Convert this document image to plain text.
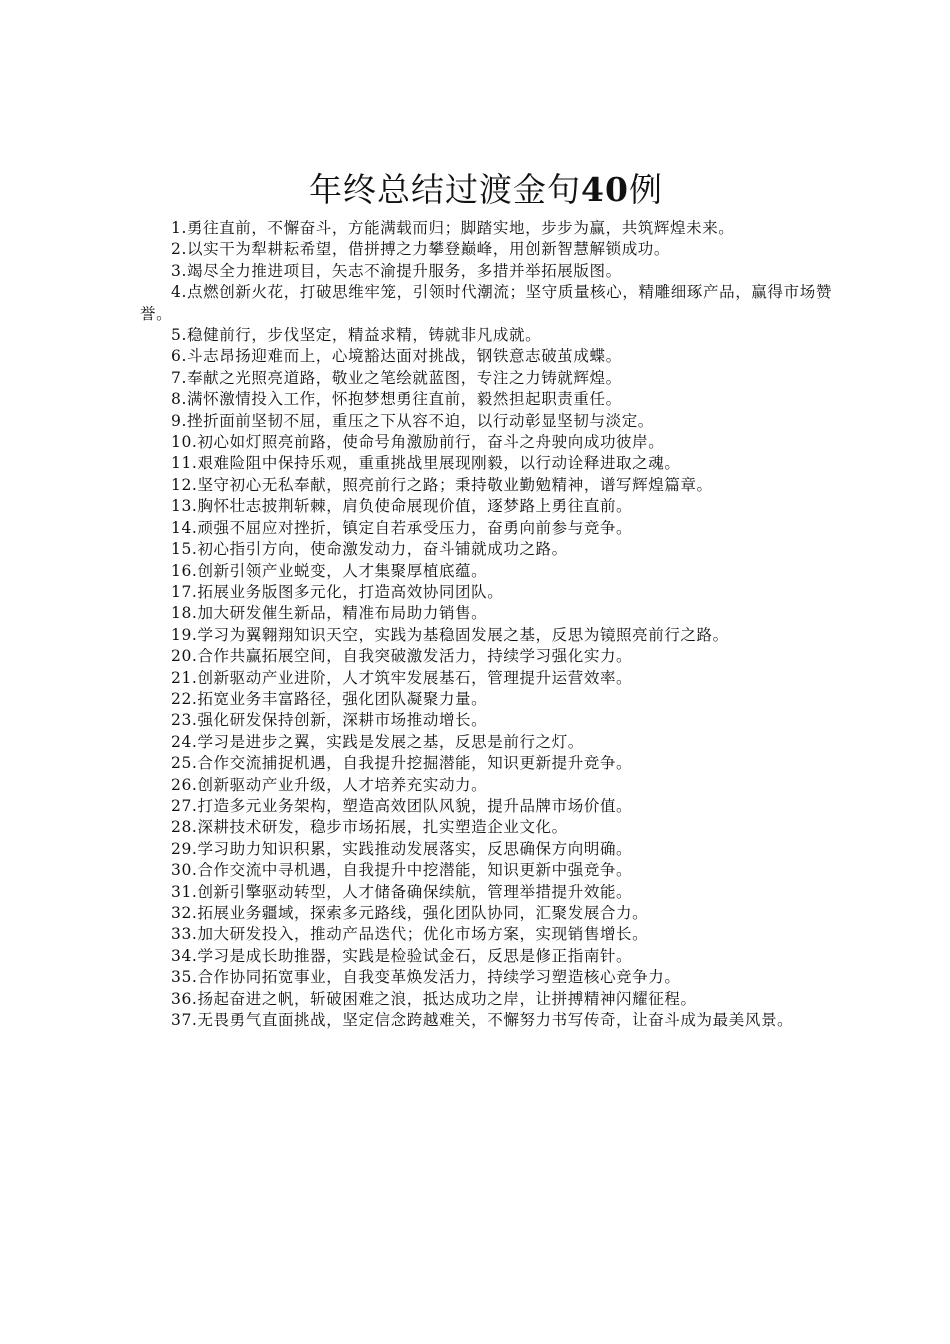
年终总结过渡金句40例

1.勇往直前，不懈奋斗，方能满载而归；脚踏实地，步步为赢，共筑辉煌未来。

2.以实干为犁耕耘希望，借拼搏之力攀登巅峰，用创新智慧解锁成功。

3.竭尽全力推进项目，矢志不渝提升服务，多措并举拓展版图。

4.点燃创新火花，打破思维牢笼，引领时代潮流；坚守质量核心，精雕细琢产品，赢得市场赞誉。

5.稳健前行，步伐坚定，精益求精，铸就非凡成就。

6.斗志昂扬迎难而上，心境豁达面对挑战，钢铁意志破茧成蝶。

7.奉献之光照亮道路，敬业之笔绘就蓝图，专注之力铸就辉煌。

8.满怀激情投入工作，怀抱梦想勇往直前，毅然担起职责重任。

9.挫折面前坚韧不屈，重压之下从容不迫，以行动彰显坚韧与淡定。

10.初心如灯照亮前路，使命号角激励前行，奋斗之舟驶向成功彼岸。

11.艰难险阻中保持乐观，重重挑战里展现刚毅，以行动诠释进取之魂。

12.坚守初心无私奉献，照亮前行之路；秉持敬业勤勉精神，谱写辉煌篇章。

13.胸怀壮志披荆斩棘，肩负使命展现价值，逐梦路上勇往直前。

14.顽强不屈应对挫折，镇定自若承受压力，奋勇向前参与竞争。

15.初心指引方向，使命激发动力，奋斗铺就成功之路。

16.创新引领产业蜕变，人才集聚厚植底蕴。

17.拓展业务版图多元化，打造高效协同团队。

18.加大研发催生新品，精准布局助力销售。

19.学习为翼翱翔知识天空，实践为基稳固发展之基，反思为镜照亮前行之路。

20.合作共赢拓展空间，自我突破激发活力，持续学习强化实力。

21.创新驱动产业进阶，人才筑牢发展基石，管理提升运营效率。

22.拓宽业务丰富路径，强化团队凝聚力量。

23.强化研发保持创新，深耕市场推动增长。

24.学习是进步之翼，实践是发展之基，反思是前行之灯。

25.合作交流捕捉机遇，自我提升挖掘潜能，知识更新提升竞争。

26.创新驱动产业升级，人才培养充实动力。

27.打造多元业务架构，塑造高效团队风貌，提升品牌市场价值。

28.深耕技术研发，稳步市场拓展，扎实塑造企业文化。

29.学习助力知识积累，实践推动发展落实，反思确保方向明确。

30.合作交流中寻机遇，自我提升中挖潜能，知识更新中强竞争。

31.创新引擎驱动转型，人才储备确保续航，管理举措提升效能。

32.拓展业务疆域，探索多元路线，强化团队协同，汇聚发展合力。

33.加大研发投入，推动产品迭代；优化市场方案，实现销售增长。

34.学习是成长助推器，实践是检验试金石，反思是修正指南针。

35.合作协同拓宽事业，自我变革焕发活力，持续学习塑造核心竞争力。

36.扬起奋进之帆，斩破困难之浪，抵达成功之岸，让拼搏精神闪耀征程。

37.无畏勇气直面挑战，坚定信念跨越难关，不懈努力书写传奇，让奋斗成为最美风景。
